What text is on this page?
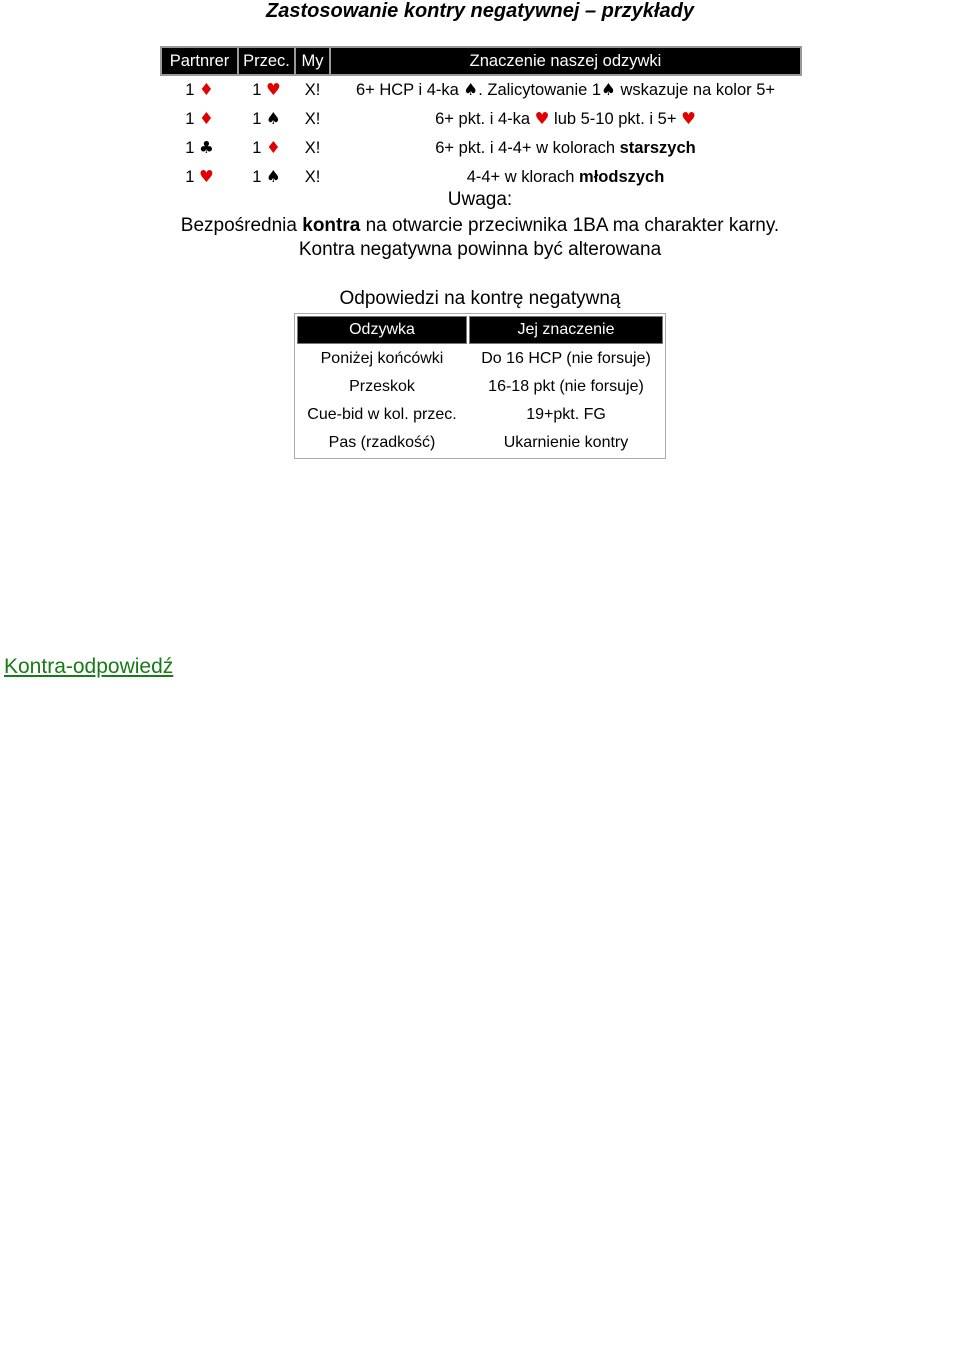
Zastosowanie kontry negatywnej – przykłady
Partnrer	Przec.	My	Znaczenie naszej odzywki
1 ♦	1 ♥	X!	6+ HCP i 4-ka ♠. Zalicytowanie 1♠ wskazuje na kolor 5+
1 ♦	1 ♠	X!	6+ pkt. i 4-ka ♥ lub 5-10 pkt. i 5+ ♥
1 ♣	1 ♦	X!	6+ pkt. i 4-4+ w kolorach starszych
1 ♥	1 ♠	X!	4-4+ w klorach młodszych
Uwaga:
Bezpośrednia kontra na otwarcie przeciwnika 1BA ma charakter karny.
Kontra negatywna powinna być alterowana
Odpowiedzi na kontrę negatywną
Odzywka	Jej znaczenie
Poniżej końcówki	Do 16 HCP (nie forsuje)
Przeskok	16-18 pkt (nie forsuje)
Cue-bid w kol. przec.	19+pkt. FG
Pas (rzadkość)	Ukarnienie kontry
Kontra-odpowiedź
